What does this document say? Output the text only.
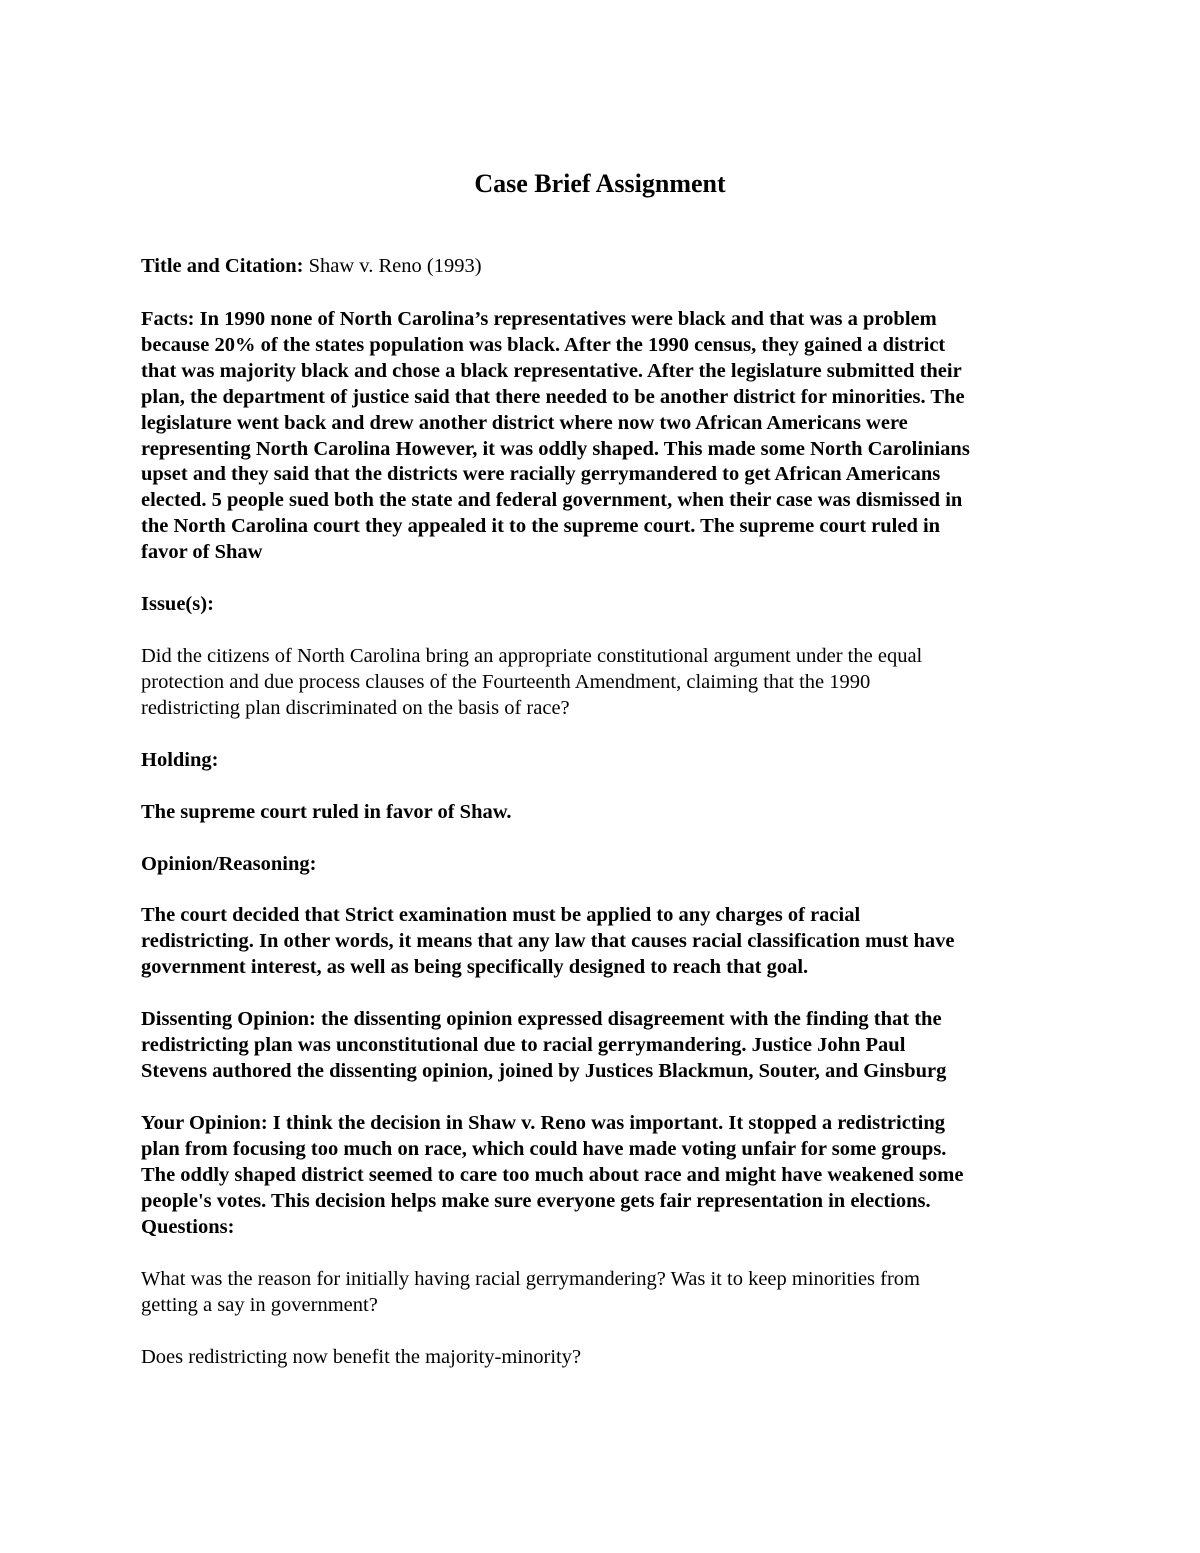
Case Brief Assignment

Title and Citation: Shaw v. Reno (1993)

Facts: In 1990 none of North Carolina’s representatives were black and that was a problem
because 20% of the states population was black. After the 1990 census, they gained a district
that was majority black and chose a black representative. After the legislature submitted their
plan, the department of justice said that there needed to be another district for minorities. The
legislature went back and drew another district where now two African Americans were
representing North Carolina However, it was oddly shaped. This made some North Carolinians
upset and they said that the districts were racially gerrymandered to get African Americans
elected. 5 people sued both the state and federal government, when their case was dismissed in
the North Carolina court they appealed it to the supreme court. The supreme court ruled in
favor of Shaw

Issue(s):

Did the citizens of North Carolina bring an appropriate constitutional argument under the equal
protection and due process clauses of the Fourteenth Amendment, claiming that the 1990
redistricting plan discriminated on the basis of race?

Holding:

The supreme court ruled in favor of Shaw.

Opinion/Reasoning:

The court decided that Strict examination must be applied to any charges of racial
redistricting. In other words, it means that any law that causes racial classification must have
government interest, as well as being specifically designed to reach that goal.
Dissenting Opinion: the dissenting opinion expressed disagreement with the finding that the
redistricting plan was unconstitutional due to racial gerrymandering. Justice John Paul
Stevens authored the dissenting opinion, joined by Justices Blackmun, Souter, and Ginsburg
Your Opinion: I think the decision in Shaw v. Reno was important. It stopped a redistricting
plan from focusing too much on race, which could have made voting unfair for some groups.
The oddly shaped district seemed to care too much about race and might have weakened some
people's votes. This decision helps make sure everyone gets fair representation in elections.
Questions:
What was the reason for initially having racial gerrymandering? Was it to keep minorities from
getting a say in government?

Does redistricting now benefit the majority-minority?
